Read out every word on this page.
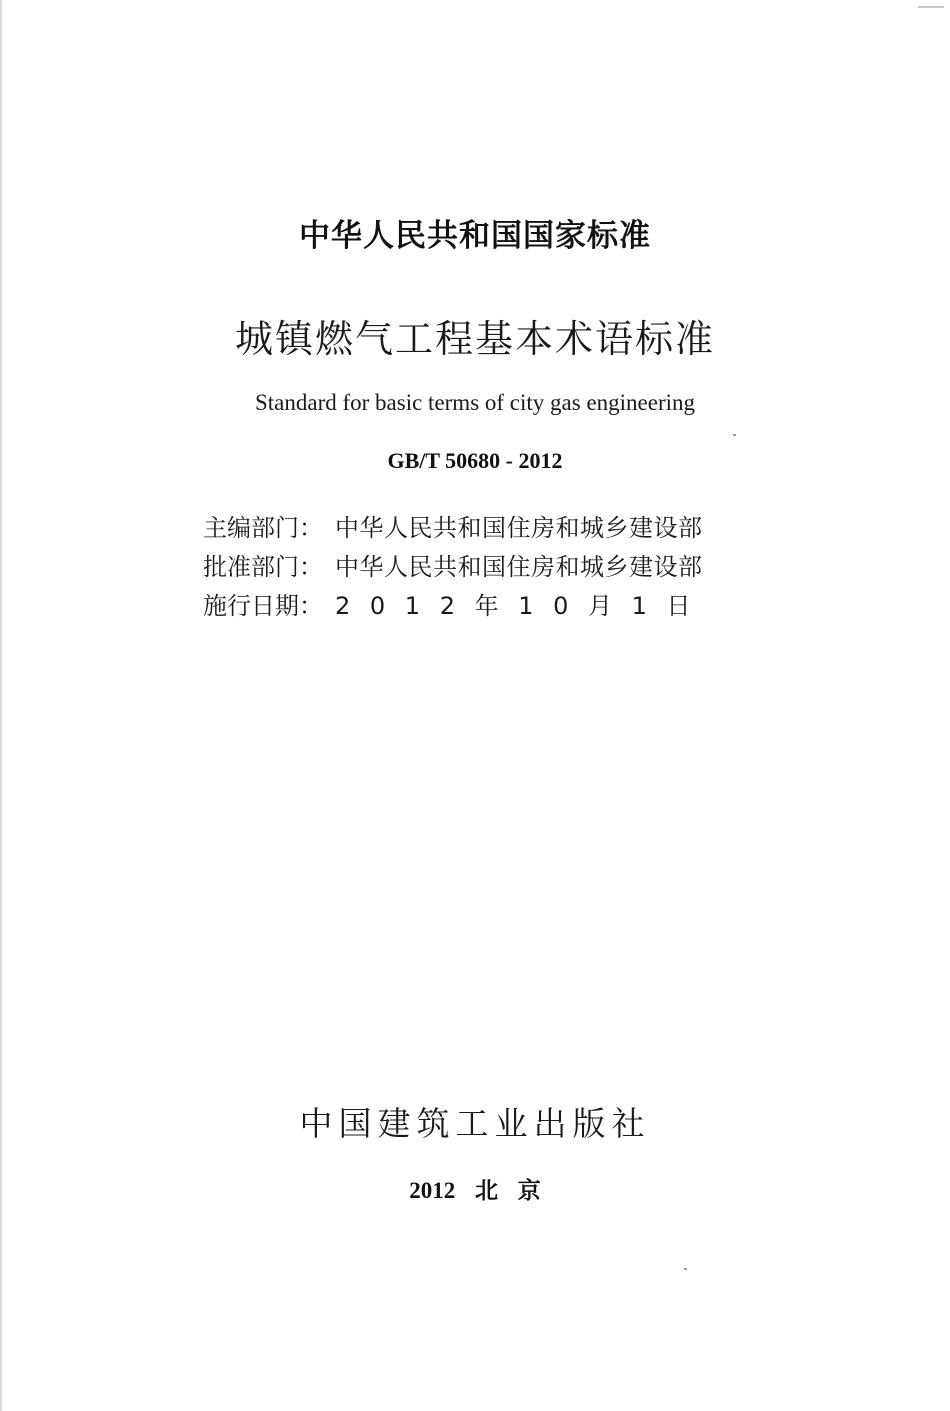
中华人民共和国国家标准
城镇燃气工程基本术语标准
Standard for basic terms of city gas engineering
GB/T 50680 - 2012
主编部门： 中华人民共和国住房和城乡建设部
批准部门： 中华人民共和国住房和城乡建设部
施行日期： 2 0 1 2 年 1 0 月 1 日
中国建筑工业出版社
2012 北 京
